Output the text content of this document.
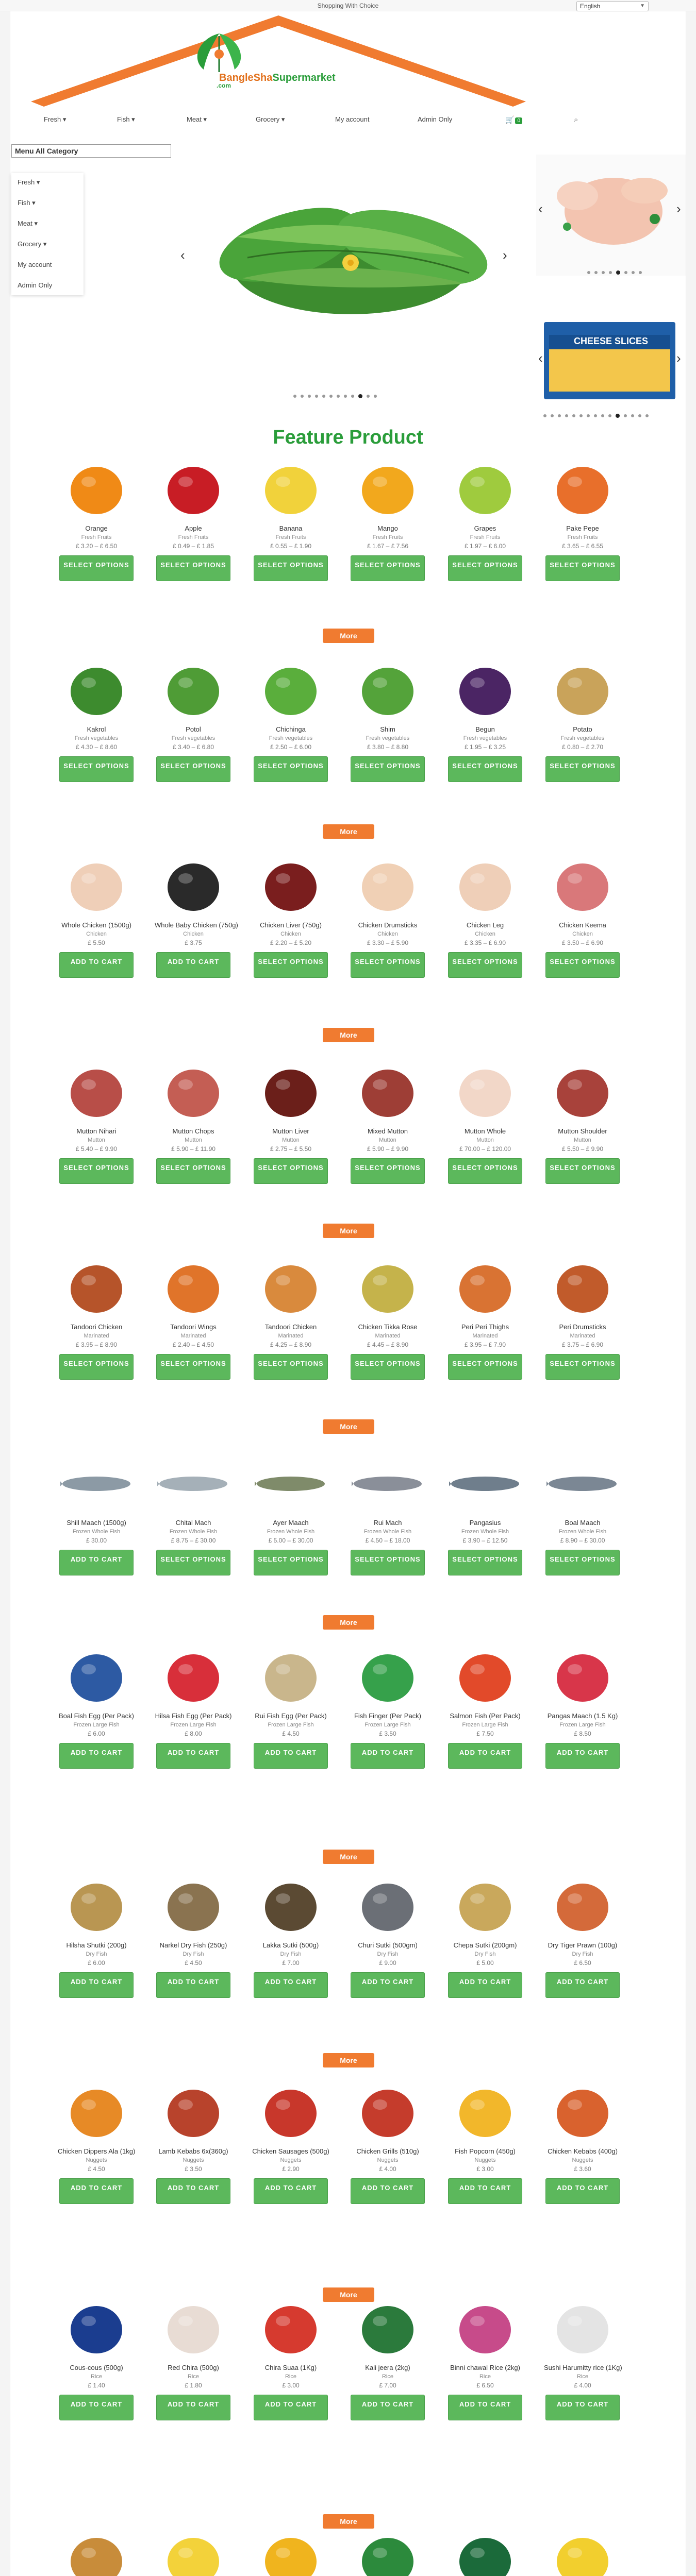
Shopping With Choice	English	▼
BangleShaSupermarket
.com
Fresh ▾	Fish ▾	Meat ▾	Grocery ▾	My account	Admin Only	🛒 0	⌕
Menu All Category
Fresh ▾
Fish ▾
Meat ▾
Grocery ▾
My account
Admin Only
‹	›
‹	›
‹	›
CHEESE SLICES
Feature Product
Orange
Fresh Fruits
£ 3.20 – £ 6.50
SELECT OPTIONS
Apple
Fresh Fruits
£ 0.49 – £ 1.85
SELECT OPTIONS
Banana
Fresh Fruits
£ 0.55 – £ 1.90
SELECT OPTIONS
Mango
Fresh Fruits
£ 1.67 – £ 7.56
SELECT OPTIONS
Grapes
Fresh Fruits
£ 1.97 – £ 6.00
SELECT OPTIONS
Pake Pepe
Fresh Fruits
£ 3.65 – £ 6.55
SELECT OPTIONS
More
Kakrol
Fresh vegetables
£ 4.30 – £ 8.60
SELECT OPTIONS
Potol
Fresh vegetables
£ 3.40 – £ 6.80
SELECT OPTIONS
Chichinga
Fresh vegetables
£ 2.50 – £ 6.00
SELECT OPTIONS
Shim
Fresh vegetables
£ 3.80 – £ 8.80
SELECT OPTIONS
Begun
Fresh vegetables
£ 1.95 – £ 3.25
SELECT OPTIONS
Potato
Fresh vegetables
£ 0.80 – £ 2.70
SELECT OPTIONS
More
Whole Chicken (1500g)
Chicken
£ 5.50
ADD TO CART
Whole Baby Chicken (750g)
Chicken
£ 3.75
ADD TO CART
Chicken Liver (750g)
Chicken
£ 2.20 – £ 5.20
SELECT OPTIONS
Chicken Drumsticks
Chicken
£ 3.30 – £ 5.90
SELECT OPTIONS
Chicken Leg
Chicken
£ 3.35 – £ 6.90
SELECT OPTIONS
Chicken Keema
Chicken
£ 3.50 – £ 6.90
SELECT OPTIONS
More
Mutton Nihari
Mutton
£ 5.40 – £ 9.90
SELECT OPTIONS
Mutton Chops
Mutton
£ 5.90 – £ 11.90
SELECT OPTIONS
Mutton Liver
Mutton
£ 2.75 – £ 5.50
SELECT OPTIONS
Mixed Mutton
Mutton
£ 5.90 – £ 9.90
SELECT OPTIONS
Mutton Whole
Mutton
£ 70.00 – £ 120.00
SELECT OPTIONS
Mutton Shoulder
Mutton
£ 5.50 – £ 9.90
SELECT OPTIONS
More
Tandoori Chicken
Marinated
£ 3.95 – £ 8.90
SELECT OPTIONS
Tandoori Wings
Marinated
£ 2.40 – £ 4.50
SELECT OPTIONS
Tandoori Chicken
Marinated
£ 4.25 – £ 8.90
SELECT OPTIONS
Chicken Tikka Rose
Marinated
£ 4.45 – £ 8.90
SELECT OPTIONS
Peri Peri Thighs
Marinated
£ 3.95 – £ 7.90
SELECT OPTIONS
Peri Drumsticks
Marinated
£ 3.75 – £ 6.90
SELECT OPTIONS
More
Shill Maach (1500g)
Frozen Whole Fish
£ 30.00
ADD TO CART
Chital Mach
Frozen Whole Fish
£ 8.75 – £ 30.00
SELECT OPTIONS
Ayer Maach
Frozen Whole Fish
£ 5.00 – £ 30.00
SELECT OPTIONS
Rui Mach
Frozen Whole Fish
£ 4.50 – £ 18.00
SELECT OPTIONS
Pangasius
Frozen Whole Fish
£ 3.90 – £ 12.50
SELECT OPTIONS
Boal Maach
Frozen Whole Fish
£ 8.90 – £ 30.00
SELECT OPTIONS
More
Boal Fish Egg (Per Pack)
Frozen Large Fish
£ 6.00
ADD TO CART
Hilsa Fish Egg (Per Pack)
Frozen Large Fish
£ 8.00
ADD TO CART
Rui Fish Egg (Per Pack)
Frozen Large Fish
£ 4.50
ADD TO CART
Fish Finger (Per Pack)
Frozen Large Fish
£ 3.50
ADD TO CART
Salmon Fish (Per Pack)
Frozen Large Fish
£ 7.50
ADD TO CART
Pangas Maach (1.5 Kg)
Frozen Large Fish
£ 8.50
ADD TO CART
More
Hilsha Shutki (200g)
Dry Fish
£ 6.00
ADD TO CART
Narkel Dry Fish (250g)
Dry Fish
£ 4.50
ADD TO CART
Lakka Sutki (500g)
Dry Fish
£ 7.00
ADD TO CART
Churi Sutki (500gm)
Dry Fish
£ 9.00
ADD TO CART
Chepa Sutki (200gm)
Dry Fish
£ 5.00
ADD TO CART
Dry Tiger Prawn (100g)
Dry Fish
£ 6.50
ADD TO CART
More
Chicken Dippers Ala (1kg)
Nuggets
£ 4.50
ADD TO CART
Lamb Kebabs 6x(360g)
Nuggets
£ 3.50
ADD TO CART
Chicken Sausages (500g)
Nuggets
£ 2.90
ADD TO CART
Chicken Grills (510g)
Nuggets
£ 4.00
ADD TO CART
Fish Popcorn (450g)
Nuggets
£ 3.00
ADD TO CART
Chicken Kebabs (400g)
Nuggets
£ 3.60
ADD TO CART
More
Cous-cous (500g)
Rice
£ 1.40
ADD TO CART
Red Chira (500g)
Rice
£ 1.80
ADD TO CART
Chira Suaa (1Kg)
Rice
£ 3.00
ADD TO CART
Kali jeera (2kg)
Rice
£ 7.00
ADD TO CART
Binni chawal Rice (2kg)
Rice
£ 6.50
ADD TO CART
Sushi Harumitty rice (1Kg)
Rice
£ 4.00
ADD TO CART
More
